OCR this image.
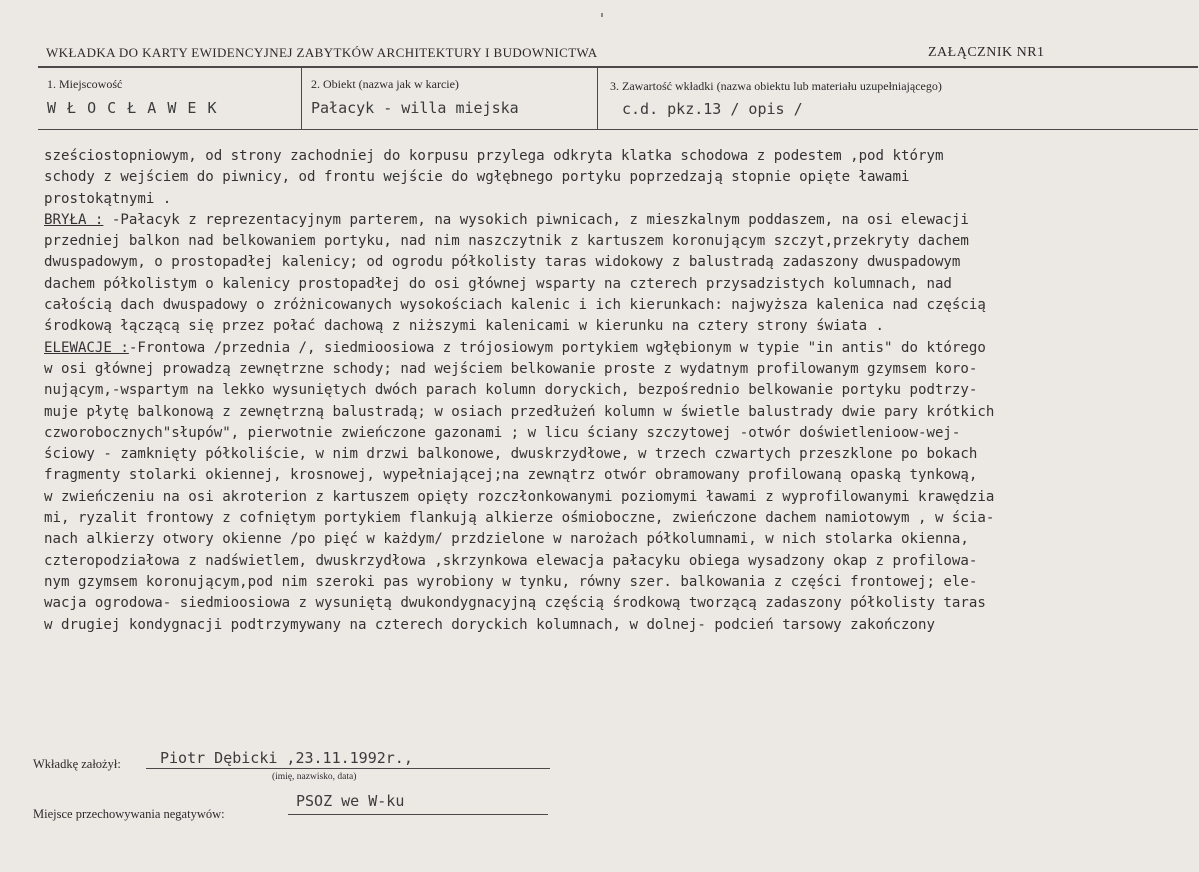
WKŁADKA DO KARTY EWIDENCYJNEJ ZABYTKÓW ARCHITEKTURY I BUDOWNICTWA	ZAŁĄCZNIK NR1
1. Miejscowość
W Ł O C Ł A W E K
2. Obiekt (nazwa jak w karcie)
Pałacyk - willa miejska
3. Zawartość wkładki (nazwa obiektu lub materiału uzupełniającego)
c.d. pkz.13 / opis /
sześciostopniowym, od strony zachodniej do korpusu przylega odkryta klatka schodowa z podestem ,pod którym
schody z wejściem do piwnicy, od frontu wejście do wgłębnego portyku poprzedzają stopnie opięte ławami
prostokątnymi .
BRYŁA : -Pałacyk z reprezentacyjnym parterem, na wysokich piwnicach, z mieszkalnym poddaszem, na osi elewacji
przedniej balkon nad belkowaniem portyku, nad nim naszczytnik z kartuszem koronującym szczyt,przekryty dachem
dwuspadowym, o prostopadłej kalenicy; od ogrodu półkolisty taras widokowy z balustradą zadaszony dwuspadowym
dachem półkolistym o kalenicy prostopadłej do osi głównej wsparty na czterech przysadzistych kolumnach, nad
całością dach dwuspadowy o zróżnicowanych wysokościach kalenic i ich kierunkach: najwyższa kalenica nad częścią
środkową łączącą się przez połać dachową z niższymi kalenicami w kierunku na cztery strony świata .
ELEWACJE :-Frontowa /przednia /, siedmioosiowa z trójosiowym portykiem wgłębionym w typie "in antis" do którego
w osi głównej prowadzą zewnętrzne schody; nad wejściem belkowanie proste z wydatnym profilowanym gzymsem koro-
nującym,-wspartym na lekko wysuniętych dwóch parach kolumn doryckich, bezpośrednio belkowanie portyku podtrzy-
muje płytę balkonową z zewnętrzną balustradą; w osiach przedłużeń kolumn w świetle balustrady dwie pary krótkich
czworobocznych"słupów", pierwotnie zwieńczone gazonami ; w licu ściany szczytowej -otwór doświetlenioow-wej-
ściowy - zamknięty półkoliście, w nim drzwi balkonowe, dwuskrzydłowe, w trzech czwartych przeszklone po bokach
fragmenty stolarki okiennej, krosnowej, wypełniającej;na zewnątrz otwór obramowany profilowaną opaską tynkową,
w zwieńczeniu na osi akroterion z kartuszem opięty rozczłonkowanymi poziomymi ławami z wyprofilowanymi krawędzia
mi, ryzalit frontowy z cofniętym portykiem flankują alkierze ośmioboczne, zwieńczone dachem namiotowym , w ścia-
nach alkierzy otwory okienne /po pięć w każdym/ przdzielone w narożach półkolumnami, w nich stolarka okienna,
czteropodziałowa z nadświetlem, dwuskrzydłowa ,skrzynkowa elewacja pałacyku obiega wysadzony okap z profilowa-
nym gzymsem koronującym,pod nim szeroki pas wyrobiony w tynku, równy szer. balkowania z części frontowej; ele-
wacja ogrodowa- siedmioosiowa z wysuniętą dwukondygnacyjną częścią środkową tworzącą zadaszony półkolisty taras
w drugiej kondygnacji podtrzymywany na czterech doryckich kolumnach, w dolnej- podcień tarsowy zakończony
Wkładkę założył:	Piotr Dębicki ,23.11.1992r.,
(imię, nazwisko, data)
Miejsce przechowywania negatywów:
PSOZ we W-ku
